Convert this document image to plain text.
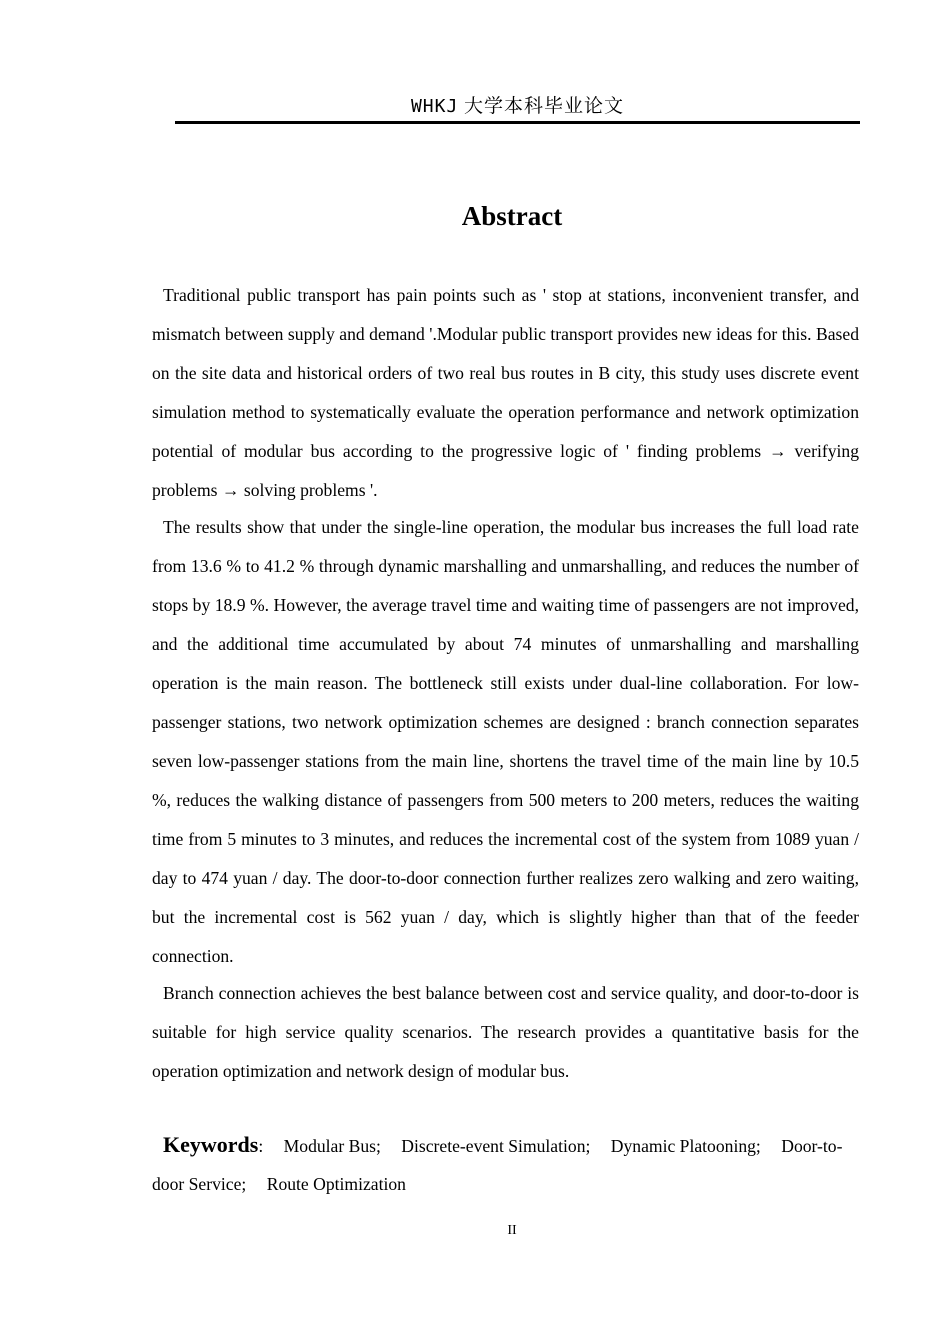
WHKJ 大学本科毕业论文
Abstract

Traditional public transport has pain points such as ' stop at stations, inconvenient transfer, and mismatch between supply and demand '.Modular public transport provides new ideas for this. Based on the site data and historical orders of two real bus routes in B city, this study uses discrete event simulation method to systematically evaluate the operation performance and network optimization potential of modular bus according to the progressive logic of ' finding problems → verifying problems → solving problems '.

The results show that under the single-line operation, the modular bus increases the full load rate from 13.6 % to 41.2 % through dynamic marshalling and unmarshalling, and reduces the number of stops by 18.9 %. However, the average travel time and waiting time of passengers are not improved, and the additional time accumulated by about 74 minutes of unmarshalling and marshalling operation is the main reason. The bottleneck still exists under dual-line collaboration. For low-passenger stations, two network optimization schemes are designed : branch connection separates seven low-passenger stations from the main line, shortens the travel time of the main line by 10.5 %, reduces the walking distance of passengers from 500 meters to 200 meters, reduces the waiting time from 5 minutes to 3 minutes, and reduces the incremental cost of the system from 1089 yuan / day to 474 yuan / day. The door-to-door connection further realizes zero walking and zero waiting, but the incremental cost is 562 yuan / day, which is slightly higher than that of the feeder connection.

Branch connection achieves the best balance between cost and service quality, and door-to-door is suitable for high service quality scenarios. The research provides a quantitative basis for the operation optimization and network design of modular bus.

Keywords: Modular Bus; Discrete-event Simulation; Dynamic Platooning; Door-to-door Service; Route Optimization
II
